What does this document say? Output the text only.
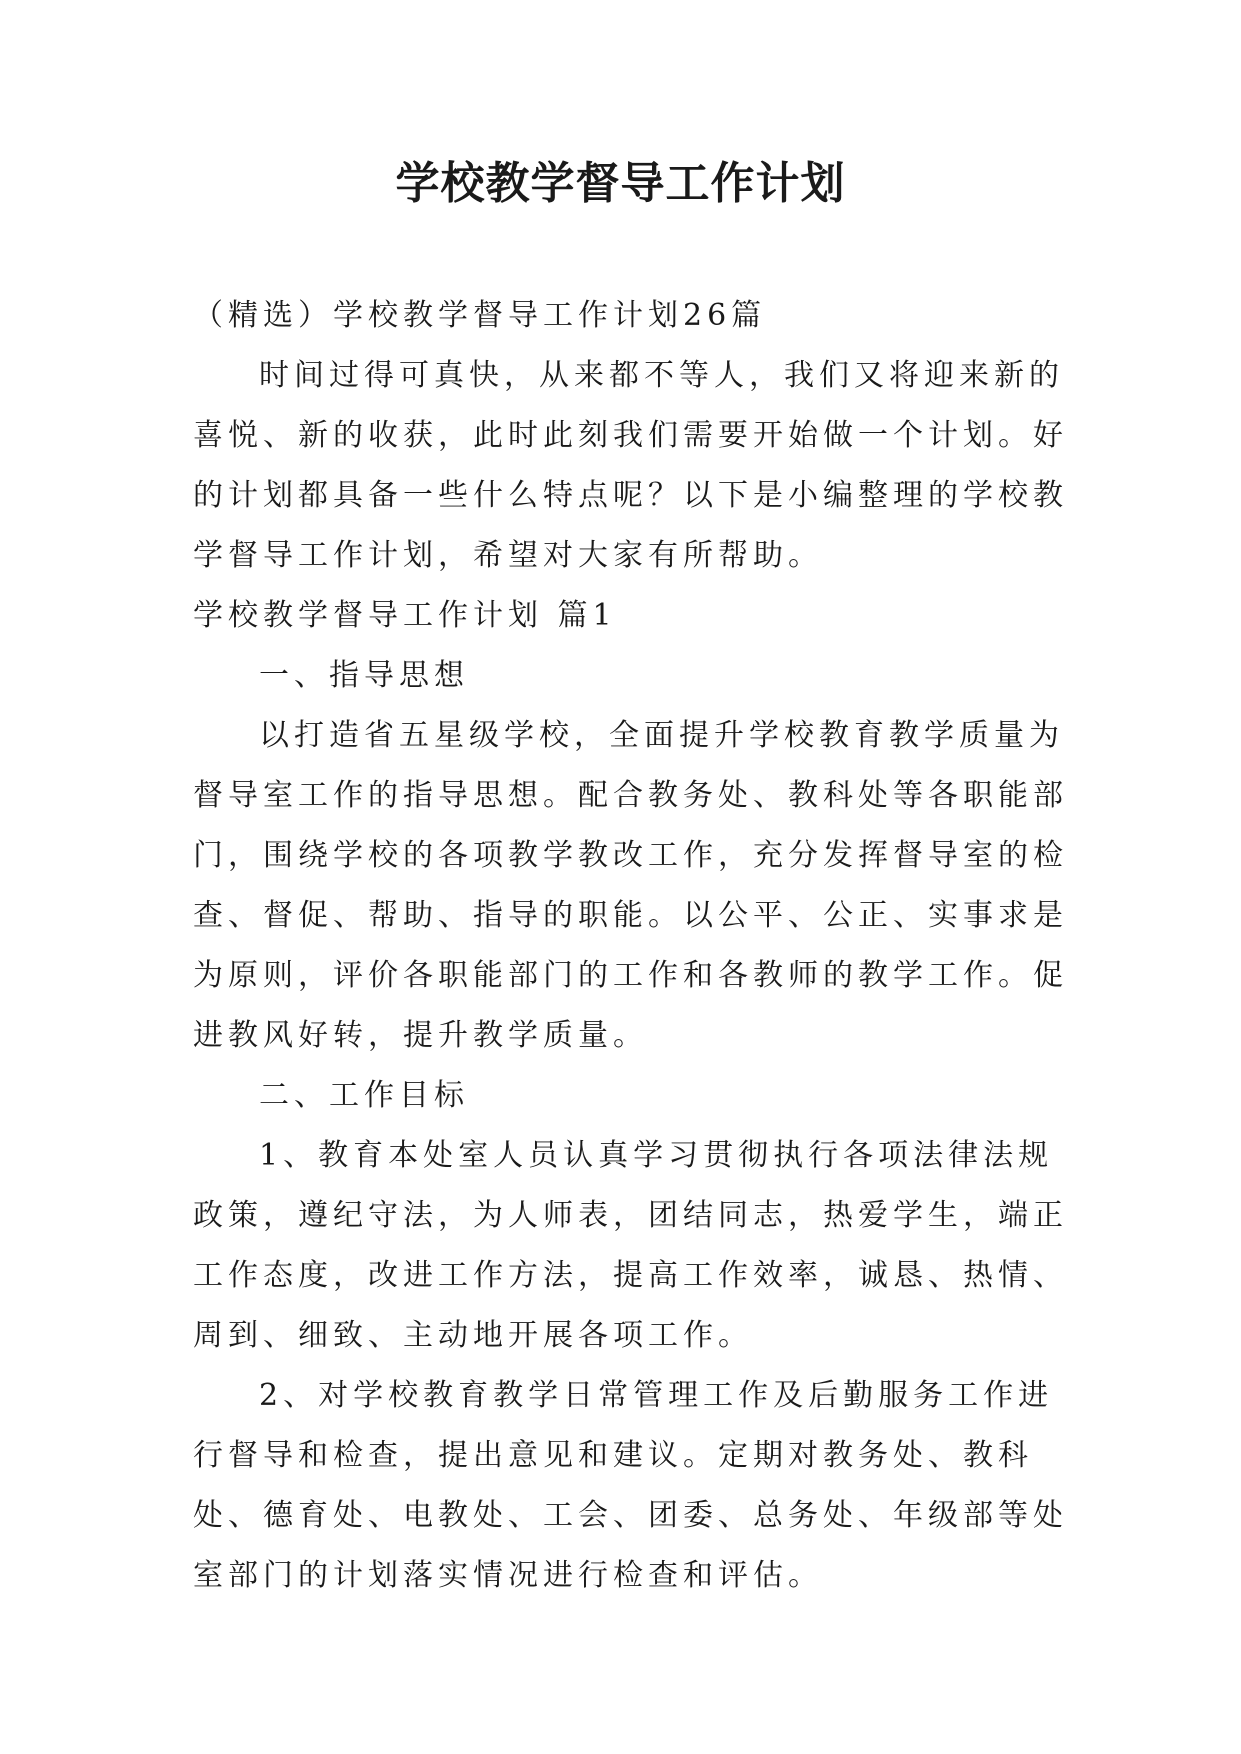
学校教学督导工作计划

（精选）学校教学督导工作计划26篇

时间过得可真快，从来都不等人，我们又将迎来新的喜悦、新的收获，此时此刻我们需要开始做一个计划。好的计划都具备一些什么特点呢？以下是小编整理的学校教学督导工作计划，希望对大家有所帮助。

学校教学督导工作计划 篇1

一、指导思想

以打造省五星级学校，全面提升学校教育教学质量为督导室工作的指导思想。配合教务处、教科处等各职能部门，围绕学校的各项教学教改工作，充分发挥督导室的检查、督促、帮助、指导的职能。以公平、公正、实事求是为原则，评价各职能部门的工作和各教师的教学工作。促进教风好转，提升教学质量。

二、工作目标

1、教育本处室人员认真学习贯彻执行各项法律法规政策，遵纪守法，为人师表，团结同志，热爱学生，端正工作态度，改进工作方法，提高工作效率，诚恳、热情、周到、细致、主动地开展各项工作。

2、对学校教育教学日常管理工作及后勤服务工作进行督导和检查，提出意见和建议。定期对教务处、教科处、德育处、电教处、工会、团委、总务处、年级部等处室部门的计划落实情况进行检查和评估。
